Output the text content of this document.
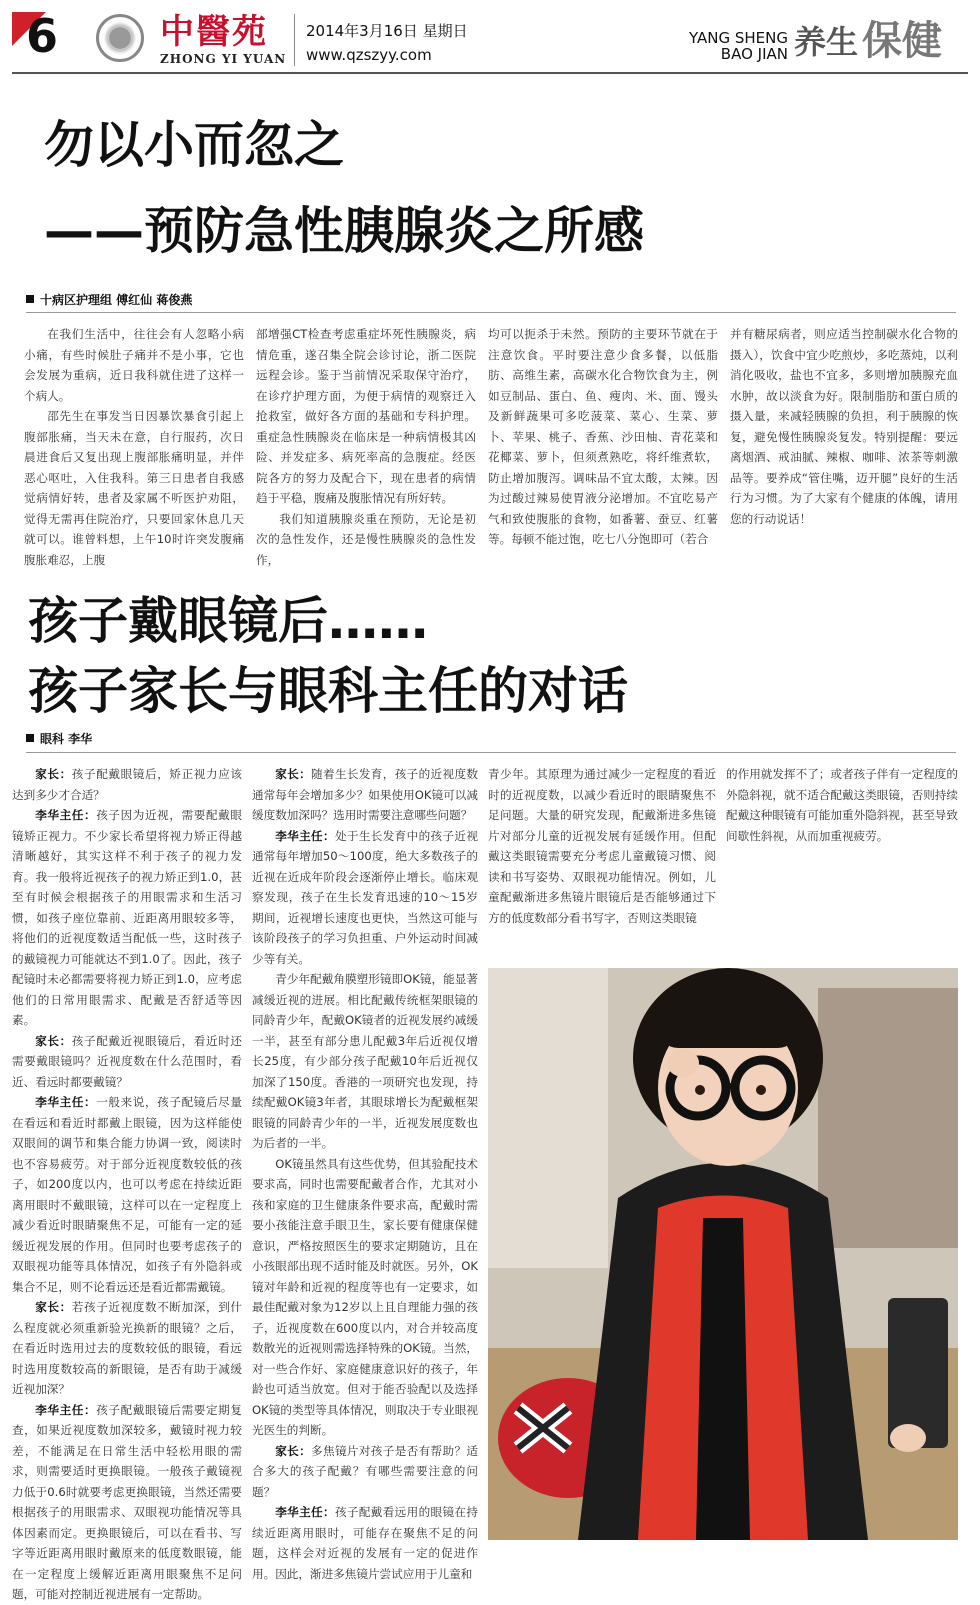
6	中醫苑
ZHONG YI YUAN
2014年3月16日 星期日
www.qzszyy.com
YANG SHENG
BAO JIAN 养生 保健
勿以小而忽之
——预防急性胰腺炎之所感
十病区护理组 傅红仙 蒋俊燕

在我们生活中，往往会有人忽略小病小痛，有些时候肚子痛并不是小事，它也会发展为重病，近日我科就住进了这样一个病人。

邵先生在事发当日因暴饮暴食引起上腹部胀痛，当天未在意，自行服药，次日晨进食后又复出现上腹部胀痛明显，并伴恶心呕吐，入住我科。第三日患者自我感觉病情好转，患者及家属不听医护劝阻，觉得无需再住院治疗，只要回家休息几天就可以。谁曾料想，上午10时许突发腹痛腹胀难忍，上腹

部增强CT检查考虑重症坏死性胰腺炎，病情危重，遂召集全院会诊讨论，浙二医院远程会诊。鉴于当前情况采取保守治疗，在诊疗护理方面，为便于病情的观察迁入抢救室，做好各方面的基础和专科护理。重症急性胰腺炎在临床是一种病情极其凶险、并发症多、病死率高的急腹症。经医院各方的努力及配合下，现在患者的病情趋于平稳，腹痛及腹胀情况有所好转。

我们知道胰腺炎重在预防，无论是初次的急性发作，还是慢性胰腺炎的急性发作，

均可以扼杀于未然。预防的主要环节就在于注意饮食。平时要注意少食多餐，以低脂肪、高维生素，高碳水化合物饮食为主，例如豆制品、蛋白、鱼、瘦肉、米、面、馒头及新鲜蔬果可多吃菠菜、菜心、生菜、萝卜、苹果、桃子、香蕉、沙田柚、青花菜和花椰菜、萝卜，但须煮熟吃，将纤维煮软，防止增加腹泻。调味品不宜太酸，太辣。因为过酸过辣易使胃液分泌增加。不宜吃易产气和致使腹胀的食物，如番薯、蚕豆、红薯等。每顿不能过饱，吃七八分饱即可（若合

并有糖尿病者，则应适当控制碳水化合物的摄入），饮食中宜少吃煎炒，多吃蒸炖，以利消化吸收，盐也不宜多，多则增加胰腺充血水肿，故以淡食为好。限制脂肪和蛋白质的摄入量，来减轻胰腺的负担，利于胰腺的恢复，避免慢性胰腺炎复发。特别提醒：要远离烟酒、戒油腻、辣椒、咖啡、浓茶等刺激品等。要养成“管住嘴，迈开腿”良好的生活行为习惯。为了大家有个健康的体魄，请用您的行动说话！

孩子戴眼镜后……
孩子家长与眼科主任的对话
眼科 李华

家长：孩子配戴眼镜后，矫正视力应该达到多少才合适？

李华主任：孩子因为近视，需要配戴眼镜矫正视力。不少家长希望将视力矫正得越清晰越好，其实这样不利于孩子的视力发育。我一般将近视孩子的视力矫正到1.0，甚至有时候会根据孩子的用眼需求和生活习惯，如孩子座位靠前、近距离用眼较多等，将他们的近视度数适当配低一些，这时孩子的戴镜视力可能就达不到1.0了。因此，孩子配镜时未必都需要将视力矫正到1.0，应考虑他们的日常用眼需求、配戴是否舒适等因素。

家长：孩子配戴近视眼镜后，看近时还需要戴眼镜吗？近视度数在什么范围时，看近、看远时都要戴镜？

李华主任：一般来说，孩子配镜后尽量在看远和看近时都戴上眼镜，因为这样能使双眼间的调节和集合能力协调一致，阅读时也不容易疲劳。对于部分近视度数较低的孩子，如200度以内，也可以考虑在持续近距离用眼时不戴眼镜，这样可以在一定程度上减少看近时眼睛聚焦不足，可能有一定的延缓近视发展的作用。但同时也要考虑孩子的双眼视功能等具体情况，如孩子有外隐斜或集合不足，则不论看远还是看近都需戴镜。

家长：若孩子近视度数不断加深，到什么程度就必须重新验光换新的眼镜？之后，在看近时选用过去的度数较低的眼镜，看远时选用度数较高的新眼镜，是否有助于减缓近视加深？

李华主任：孩子配戴眼镜后需要定期复查，如果近视度数加深较多，戴镜时视力较差，不能满足在日常生活中轻松用眼的需求，则需要适时更换眼镜。一般孩子戴镜视力低于0.6时就要考虑更换眼镜，当然还需要根据孩子的用眼需求、双眼视功能情况等具体因素而定。更换眼镜后，可以在看书、写字等近距离用眼时戴原来的低度数眼镜，能在一定程度上缓解近距离用眼聚焦不足问题，可能对控制近视进展有一定帮助。

家长：随着生长发育，孩子的近视度数通常每年会增加多少？如果使用OK镜可以减缓度数加深吗？选用时需要注意哪些问题？

李华主任：处于生长发育中的孩子近视通常每年增加50～100度，绝大多数孩子的近视在近成年阶段会逐渐停止增长。临床观察发现，孩子在生长发育迅速的10～15岁期间，近视增长速度也更快，当然这可能与该阶段孩子的学习负担重、户外运动时间减少等有关。

青少年配戴角膜塑形镜即OK镜，能显著减缓近视的进展。相比配戴传统框架眼镜的同龄青少年，配戴OK镜者的近视发展约减缓一半，甚至有部分患儿配戴3年后近视仅增长25度，有少部分孩子配戴10年后近视仅加深了150度。香港的一项研究也发现，持续配戴OK镜3年者，其眼球增长为配戴框架眼镜的同龄青少年的一半，近视发展度数也为后者的一半。

OK镜虽然具有这些优势，但其验配技术要求高，同时也需要配戴者合作，尤其对小孩和家庭的卫生健康条件要求高，配戴时需要小孩能注意手眼卫生，家长要有健康保健意识，严格按照医生的要求定期随访，且在小孩眼部出现不适时能及时就医。另外，OK镜对年龄和近视的程度等也有一定要求，如最佳配戴对象为12岁以上且自理能力强的孩子，近视度数在600度以内，对合并较高度数散光的近视则需选择特殊的OK镜。当然，对一些合作好、家庭健康意识好的孩子，年龄也可适当放宽。但对于能否验配以及选择OK镜的类型等具体情况，则取决于专业眼视光医生的判断。

家长：多焦镜片对孩子是否有帮助？适合多大的孩子配戴？有哪些需要注意的问题？

李华主任：孩子配戴看远用的眼镜在持续近距离用眼时，可能存在聚焦不足的问题，这样会对近视的发展有一定的促进作用。因此，渐进多焦镜片尝试应用于儿童和

青少年。其原理为通过减少一定程度的看近时的近视度数，以减少看近时的眼睛聚焦不足问题。大量的研究发现，配戴渐进多焦镜片对部分儿童的近视发展有延缓作用。但配戴这类眼镜需要充分考虑儿童戴镜习惯、阅读和书写姿势、双眼视功能情况。例如，儿童配戴渐进多焦镜片眼镜后是否能够通过下方的低度数部分看书写字，否则这类眼镜

的作用就发挥不了；或者孩子伴有一定程度的外隐斜视，就不适合配戴这类眼镜，否则持续配戴这种眼镜有可能加重外隐斜视，甚至导致间歇性斜视，从而加重视疲劳。
